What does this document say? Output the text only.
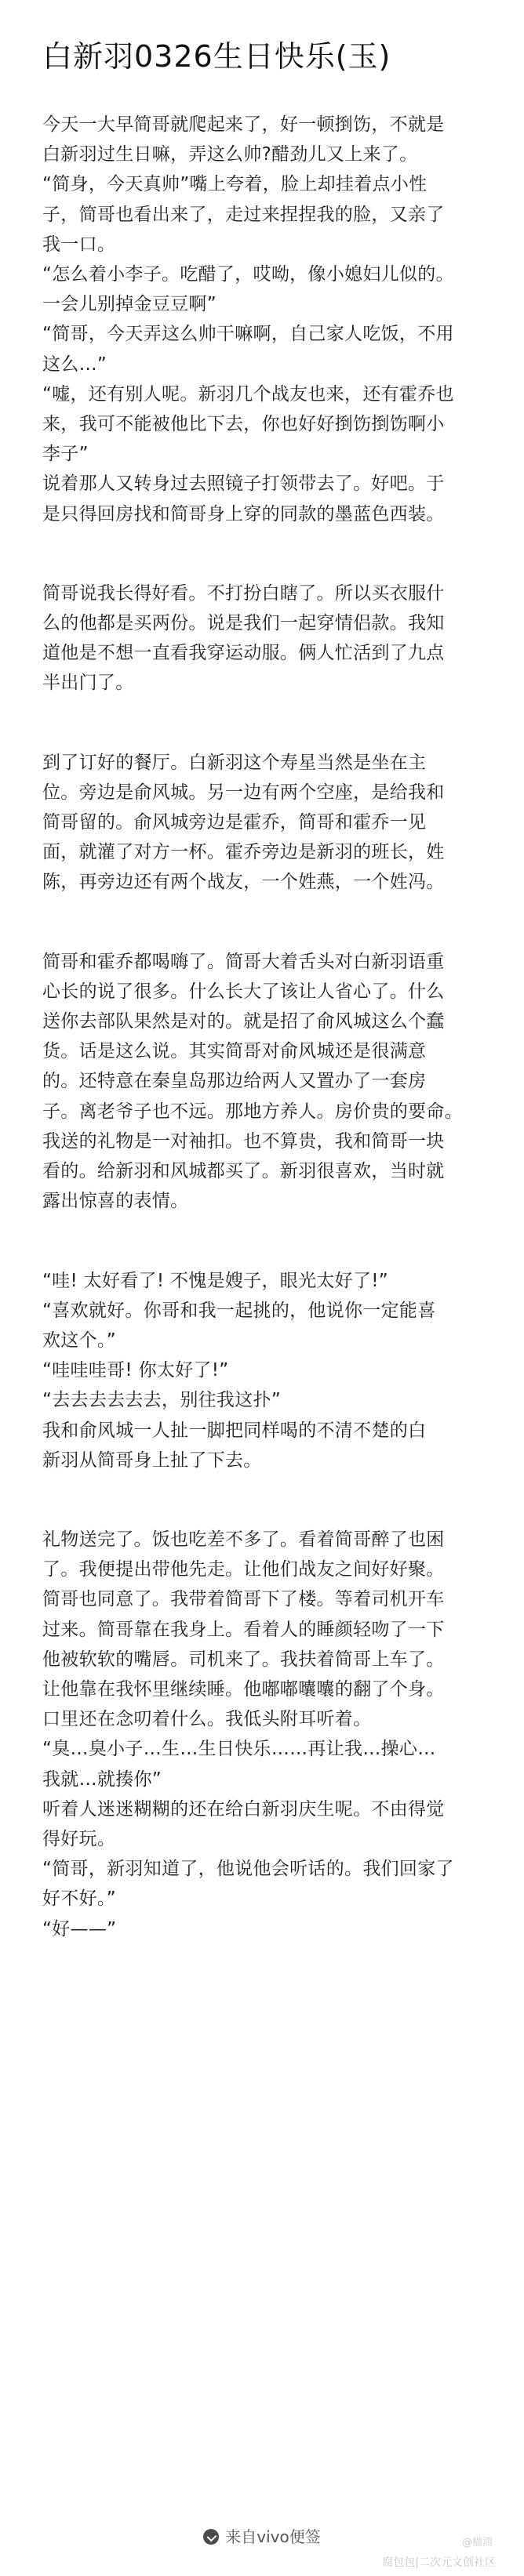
白新羽0326生日快乐(玉)
今天一大早简哥就爬起来了，好一顿捯饬，不就是
白新羽过生日嘛，弄这么帅?醋劲儿又上来了。
“简身，今天真帅”嘴上夸着，脸上却挂着点小性
子，简哥也看出来了，走过来捏捏我的脸，又亲了
我一口。
“怎么着小李子。吃醋了，哎呦，像小媳妇儿似的。
一会儿别掉金豆豆啊”
“简哥，今天弄这么帅干嘛啊，自己家人吃饭，不用
这么…”
“嘘，还有别人呢。新羽几个战友也来，还有霍乔也
来，我可不能被他比下去，你也好好捯饬捯饬啊小
李子”
说着那人又转身过去照镜子打领带去了。好吧。于
是只得回房找和简哥身上穿的同款的墨蓝色西装。
简哥说我长得好看。不打扮白瞎了。所以买衣服什
么的他都是买两份。说是我们一起穿情侣款。我知
道他是不想一直看我穿运动服。俩人忙活到了九点
半出门了。
到了订好的餐厅。白新羽这个寿星当然是坐在主
位。旁边是俞风城。另一边有两个空座，是给我和
简哥留的。俞风城旁边是霍乔，简哥和霍乔一见
面，就灌了对方一杯。霍乔旁边是新羽的班长，姓
陈，再旁边还有两个战友，一个姓燕，一个姓冯。
简哥和霍乔都喝嗨了。简哥大着舌头对白新羽语重
心长的说了很多。什么长大了该让人省心了。什么
送你去部队果然是对的。就是招了俞风城这么个蠢
货。话是这么说。其实简哥对俞风城还是很满意
的。还特意在秦皇岛那边给两人又置办了一套房
子。离老爷子也不远。那地方养人。房价贵的要命。
我送的礼物是一对袖扣。也不算贵，我和简哥一块
看的。给新羽和风城都买了。新羽很喜欢，当时就
露出惊喜的表情。
“哇! 太好看了! 不愧是嫂子，眼光太好了!”
“喜欢就好。你哥和我一起挑的，他说你一定能喜
欢这个。”
“哇哇哇哥! 你太好了!”
“去去去去去去，别往我这扑”
我和俞风城一人扯一脚把同样喝的不清不楚的白
新羽从简哥身上扯了下去。
礼物送完了。饭也吃差不多了。看着简哥醉了也困
了。我便提出带他先走。让他们战友之间好好聚。
简哥也同意了。我带着简哥下了楼。等着司机开车
过来。简哥靠在我身上。看着人的睡颜轻吻了一下
他被软软的嘴唇。司机来了。我扶着简哥上车了。
让他靠在我怀里继续睡。他嘟嘟囔囔的翻了个身。
口里还在念叨着什么。我低头附耳听着。
“臭…臭小子…生…生日快乐……再让我…操心…
我就…就揍你”
听着人迷迷糊糊的还在给白新羽庆生呢。不由得觉
得好玩。
“简哥，新羽知道了，他说他会听话的。我们回家了
好不好。”
“好——”
来自vivo便签	@楹鴻
腐包包|二次元文创社区
